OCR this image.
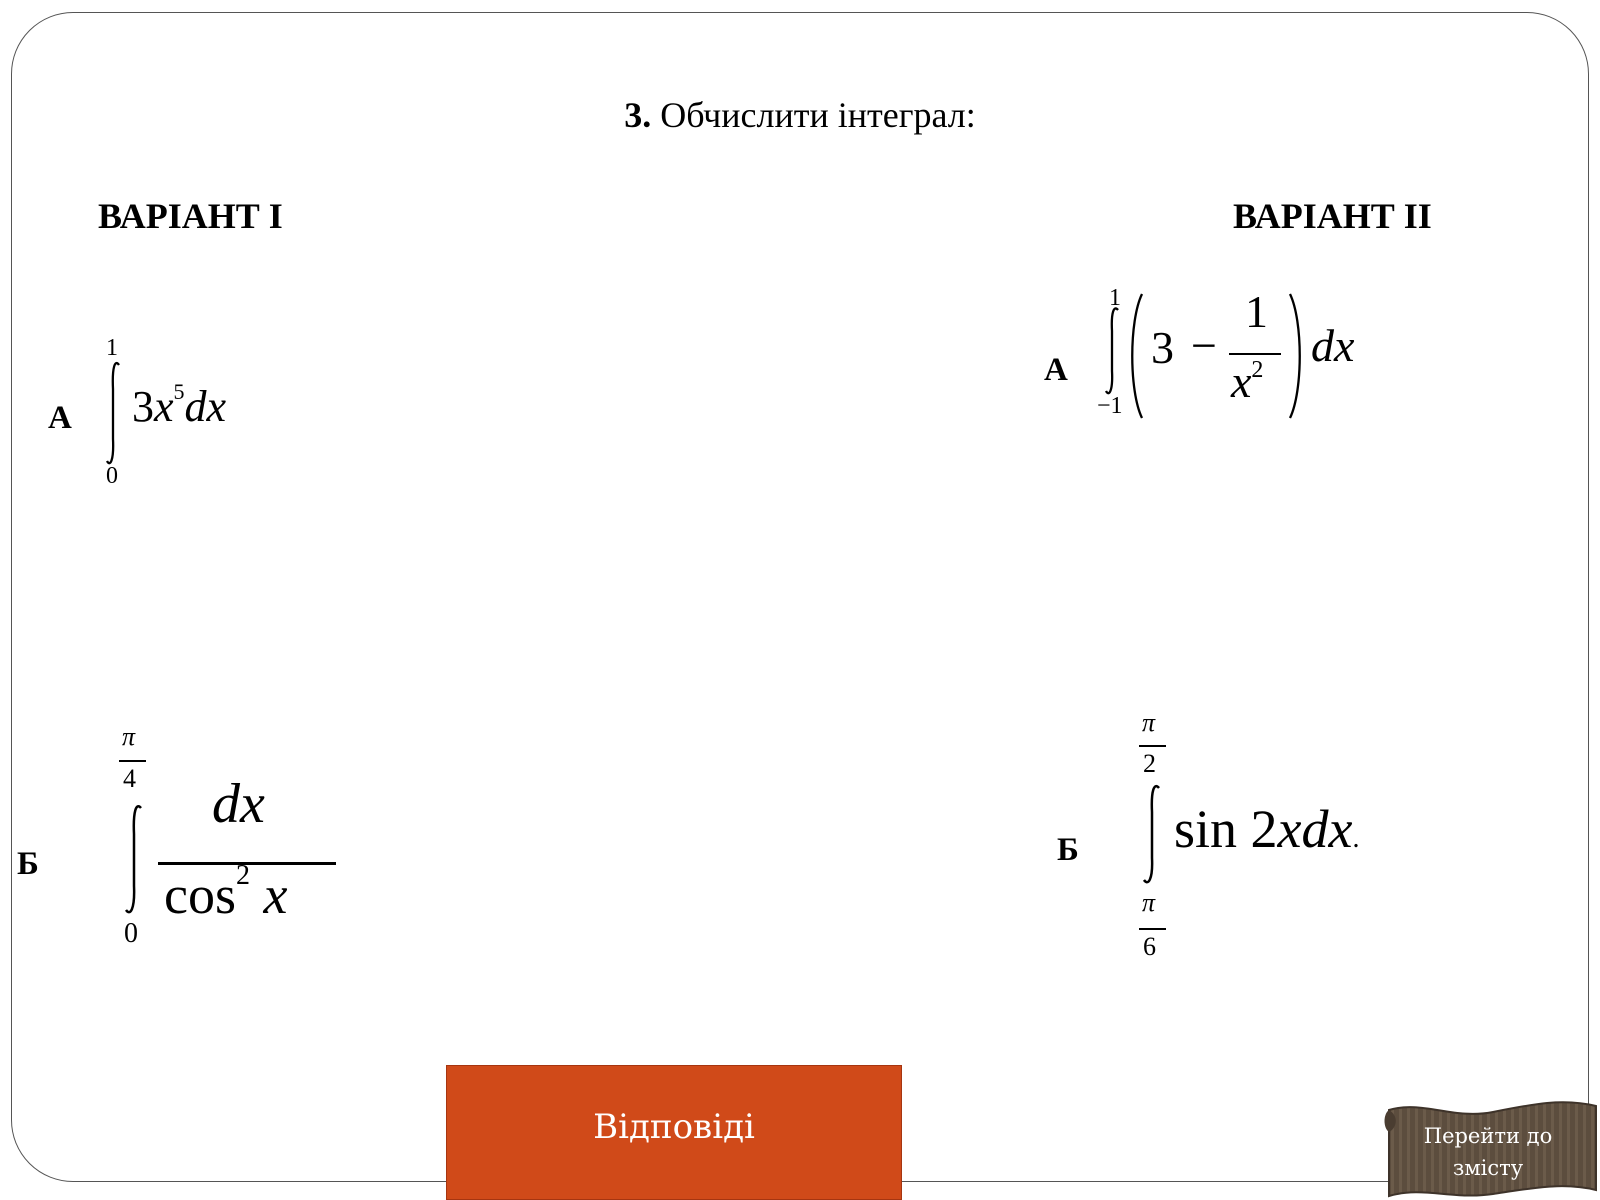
3. Обчислити інтеграл:
ВАРІАНТ І	ВАРІАНТ ІІ
А
1
0
$3x^5dx$
Б
π
4
0
dx
$\cos^2 x$
А
1
−1
3 −
1
$x^2$ dx
Б
π
2
π
6
sin 2xdx.
Відповіді	Перейти до змісту
